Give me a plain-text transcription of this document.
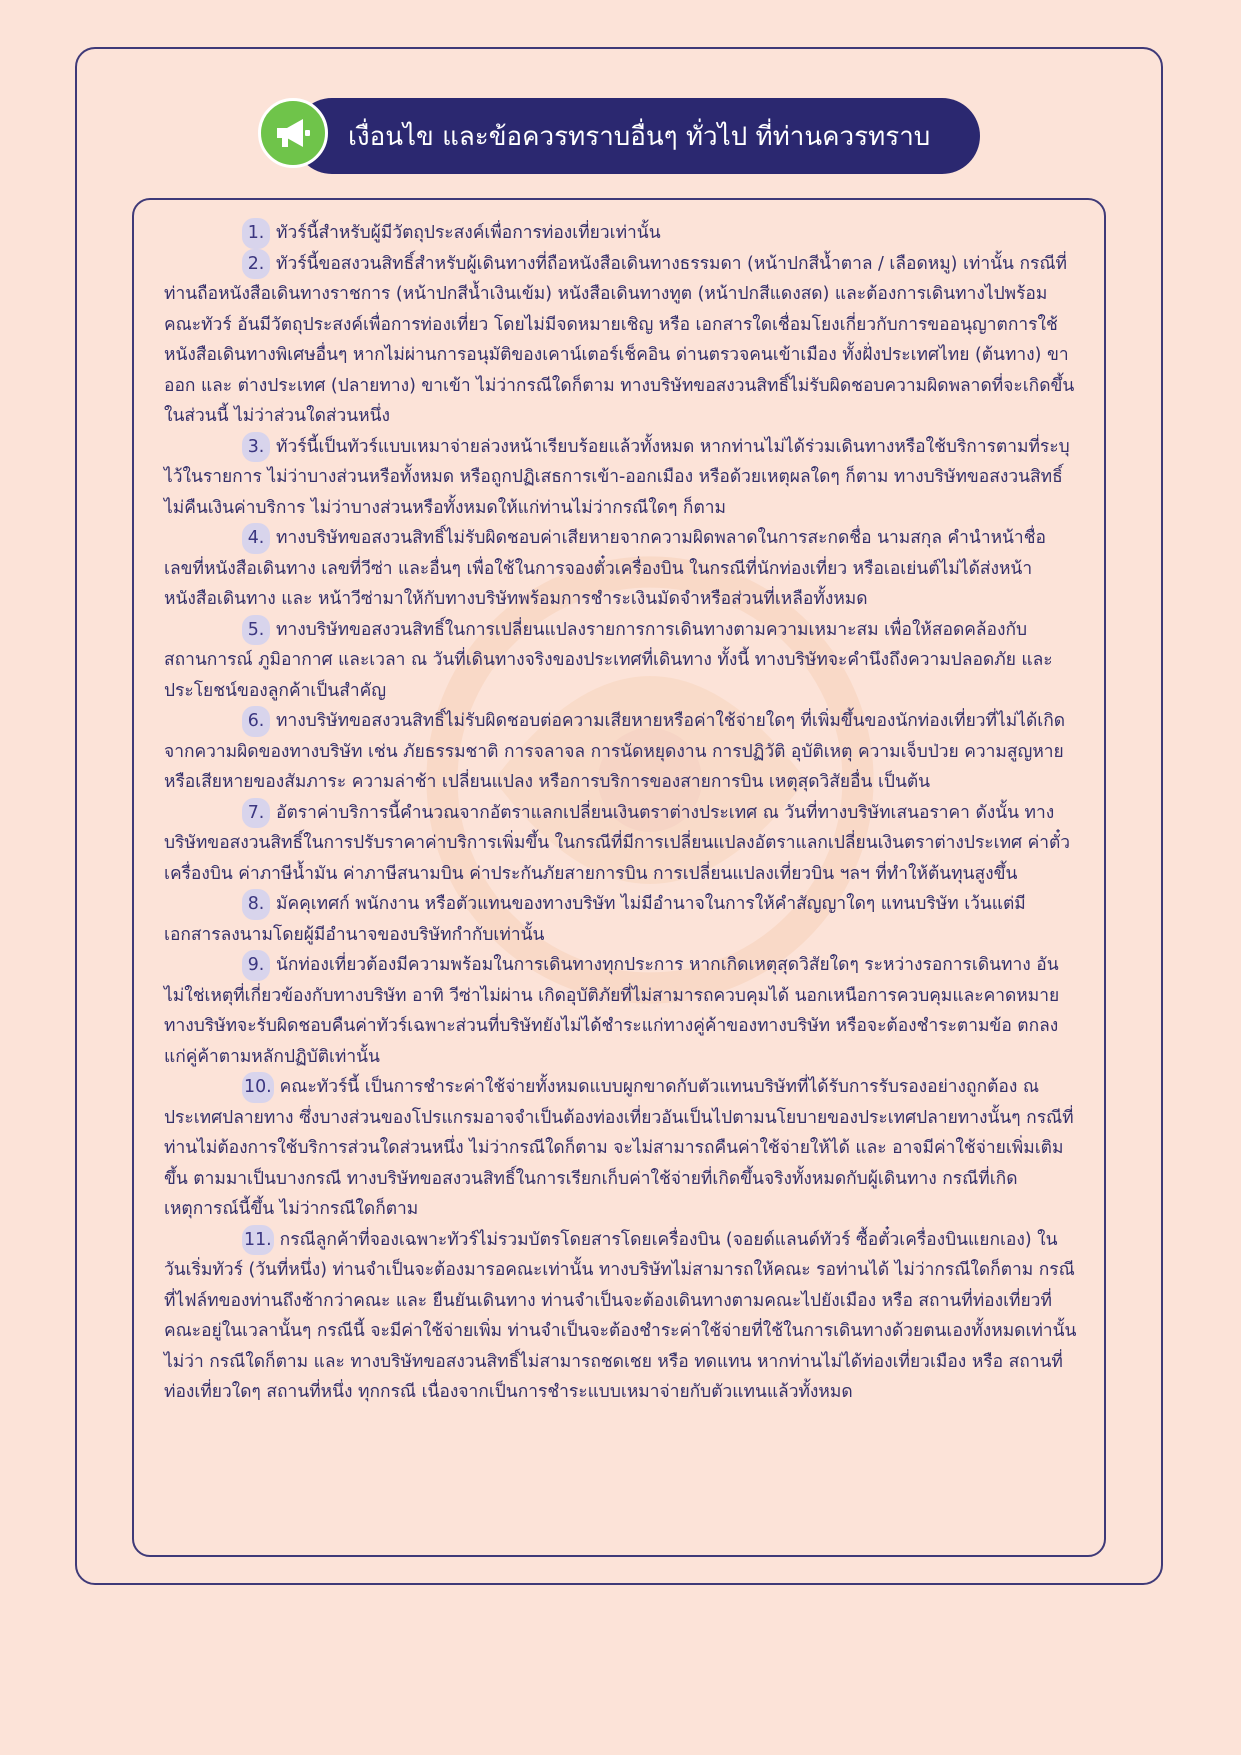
เงื่อนไข และข้อควรทราบอื่นๆ ทั่วไป ที่ท่านควรทราบ

1. ทัวร์นี้สำหรับผู้มีวัตถุประสงค์เพื่อการท่องเที่ยวเท่านั้น

2. ทัวร์นี้ขอสงวนสิทธิ์สำหรับผู้เดินทางที่ถือหนังสือเดินทางธรรมดา (หน้าปกสีน้ำตาล / เลือดหมู) เท่านั้น กรณีที่ท่านถือหนังสือเดินทางราชการ (หน้าปกสีน้ำเงินเข้ม) หนังสือเดินทางทูต (หน้าปกสีแดงสด) และต้องการเดินทางไปพร้อมคณะทัวร์ อันมีวัตถุประสงค์เพื่อการท่องเที่ยว โดยไม่มีจดหมายเชิญ หรือ เอกสารใดเชื่อมโยงเกี่ยวกับการขออนุญาตการใช้หนังสือเดินทางพิเศษอื่นๆ หากไม่ผ่านการอนุมัติของเคาน์เตอร์เช็คอิน ด่านตรวจคนเข้าเมือง ทั้งฝั่งประเทศไทย (ต้นทาง) ขาออก และ ต่างประเทศ (ปลายทาง) ขาเข้า ไม่ว่ากรณีใดก็ตาม ทางบริษัทขอสงวนสิทธิ์ไม่รับผิดชอบความผิดพลาดที่จะเกิดขึ้นในส่วนนี้ ไม่ว่าส่วนใดส่วนหนึ่ง

3. ทัวร์นี้เป็นทัวร์แบบเหมาจ่ายล่วงหน้าเรียบร้อยแล้วทั้งหมด หากท่านไม่ได้ร่วมเดินทางหรือใช้บริการตามที่ระบุไว้ในรายการ ไม่ว่าบางส่วนหรือทั้งหมด หรือถูกปฏิเสธการเข้า-ออกเมือง หรือด้วยเหตุผลใดๆ ก็ตาม ทางบริษัทขอสงวนสิทธิ์ไม่คืนเงินค่าบริการ ไม่ว่าบางส่วนหรือทั้งหมดให้แก่ท่านไม่ว่ากรณีใดๆ ก็ตาม

4. ทางบริษัทขอสงวนสิทธิ์ไม่รับผิดชอบค่าเสียหายจากความผิดพลาดในการสะกดชื่อ นามสกุล คำนำหน้าชื่อ เลขที่หนังสือเดินทาง เลขที่วีซ่า และอื่นๆ เพื่อใช้ในการจองตั๋วเครื่องบิน ในกรณีที่นักท่องเที่ยว หรือเอเย่นต์ไม่ได้ส่งหน้าหนังสือเดินทาง และ หน้าวีซ่ามาให้กับทางบริษัทพร้อมการชำระเงินมัดจำหรือส่วนที่เหลือทั้งหมด

5. ทางบริษัทขอสงวนสิทธิ์ในการเปลี่ยนแปลงรายการการเดินทางตามความเหมาะสม เพื่อให้สอดคล้องกับ สถานการณ์ ภูมิอากาศ และเวลา ณ วันที่เดินทางจริงของประเทศที่เดินทาง ทั้งนี้ ทางบริษัทจะคำนึงถึงความปลอดภัย และ ประโยชน์ของลูกค้าเป็นสำคัญ

6. ทางบริษัทขอสงวนสิทธิ์ไม่รับผิดชอบต่อความเสียหายหรือค่าใช้จ่ายใดๆ ที่เพิ่มขึ้นของนักท่องเที่ยวที่ไม่ได้เกิดจากความผิดของทางบริษัท เช่น ภัยธรรมชาติ การจลาจล การนัดหยุดงาน การปฏิวัติ อุบัติเหตุ ความเจ็บป่วย ความสูญหายหรือเสียหายของสัมภาระ ความล่าช้า เปลี่ยนแปลง หรือการบริการของสายการบิน เหตุสุดวิสัยอื่น เป็นต้น

7. อัตราค่าบริการนี้คำนวณจากอัตราแลกเปลี่ยนเงินตราต่างประเทศ ณ วันที่ทางบริษัทเสนอราคา ดังนั้น ทางบริษัทขอสงวนสิทธิ์ในการปรับราคาค่าบริการเพิ่มขึ้น ในกรณีที่มีการเปลี่ยนแปลงอัตราแลกเปลี่ยนเงินตราต่างประเทศ ค่าตั๋ว เครื่องบิน ค่าภาษีน้ำมัน ค่าภาษีสนามบิน ค่าประกันภัยสายการบิน การเปลี่ยนแปลงเที่ยวบิน ฯลฯ ที่ทำให้ต้นทุนสูงขึ้น

8. มัคคุเทศก์ พนักงาน หรือตัวแทนของทางบริษัท ไม่มีอำนาจในการให้คำสัญญาใดๆ แทนบริษัท เว้นแต่มีเอกสารลงนามโดยผู้มีอำนาจของบริษัทกำกับเท่านั้น

9. นักท่องเที่ยวต้องมีความพร้อมในการเดินทางทุกประการ หากเกิดเหตุสุดวิสัยใดๆ ระหว่างรอการเดินทาง อันไม่ใช่เหตุที่เกี่ยวข้องกับทางบริษัท อาทิ วีซ่าไม่ผ่าน เกิดอุบัติภัยที่ไม่สามารถควบคุมได้ นอกเหนือการควบคุมและคาดหมาย ทางบริษัทจะรับผิดชอบคืนค่าทัวร์เฉพาะส่วนที่บริษัทยังไม่ได้ชำระแก่ทางคู่ค้าของทางบริษัท หรือจะต้องชำระตามข้อ ตกลงแก่คู่ค้าตามหลักปฏิบัติเท่านั้น

10. คณะทัวร์นี้ เป็นการชำระค่าใช้จ่ายทั้งหมดแบบผูกขาดกับตัวแทนบริษัทที่ได้รับการรับรองอย่างถูกต้อง ณ ประเทศปลายทาง ซึ่งบางส่วนของโปรแกรมอาจจำเป็นต้องท่องเที่ยวอันเป็นไปตามนโยบายของประเทศปลายทางนั้นๆ กรณีที่ท่านไม่ต้องการใช้บริการส่วนใดส่วนหนึ่ง ไม่ว่ากรณีใดก็ตาม จะไม่สามารถคืนค่าใช้จ่ายให้ได้ และ อาจมีค่าใช้จ่ายเพิ่มเติมขึ้น ตามมาเป็นบางกรณี ทางบริษัทขอสงวนสิทธิ์ในการเรียกเก็บค่าใช้จ่ายที่เกิดขึ้นจริงทั้งหมดกับผู้เดินทาง กรณีที่เกิดเหตุการณ์นี้ขึ้น ไม่ว่ากรณีใดก็ตาม

11. กรณีลูกค้าที่จองเฉพาะทัวร์ไม่รวมบัตรโดยสารโดยเครื่องบิน (จอยด์แลนด์ทัวร์ ซื้อตั๋วเครื่องบินแยกเอง) ในวันเริ่มทัวร์ (วันที่หนึ่ง) ท่านจำเป็นจะต้องมารอคณะเท่านั้น ทางบริษัทไม่สามารถให้คณะ รอท่านได้ ไม่ว่ากรณีใดก็ตาม กรณีที่ไฟล์ทของท่านถึงช้ากว่าคณะ และ ยืนยันเดินทาง ท่านจำเป็นจะต้องเดินทางตามคณะไปยังเมือง หรือ สถานที่ท่องเที่ยวที่คณะอยู่ในเวลานั้นๆ กรณีนี้ จะมีค่าใช้จ่ายเพิ่ม ท่านจำเป็นจะต้องชำระค่าใช้จ่ายที่ใช้ในการเดินทางด้วยตนเองทั้งหมดเท่านั้น ไม่ว่า กรณีใดก็ตาม และ ทางบริษัทขอสงวนสิทธิ์ไม่สามารถชดเชย หรือ ทดแทน หากท่านไม่ได้ท่องเที่ยวเมือง หรือ สถานที่ท่องเที่ยวใดๆ สถานที่หนึ่ง ทุกกรณี เนื่องจากเป็นการชำระแบบเหมาจ่ายกับตัวแทนแล้วทั้งหมด
